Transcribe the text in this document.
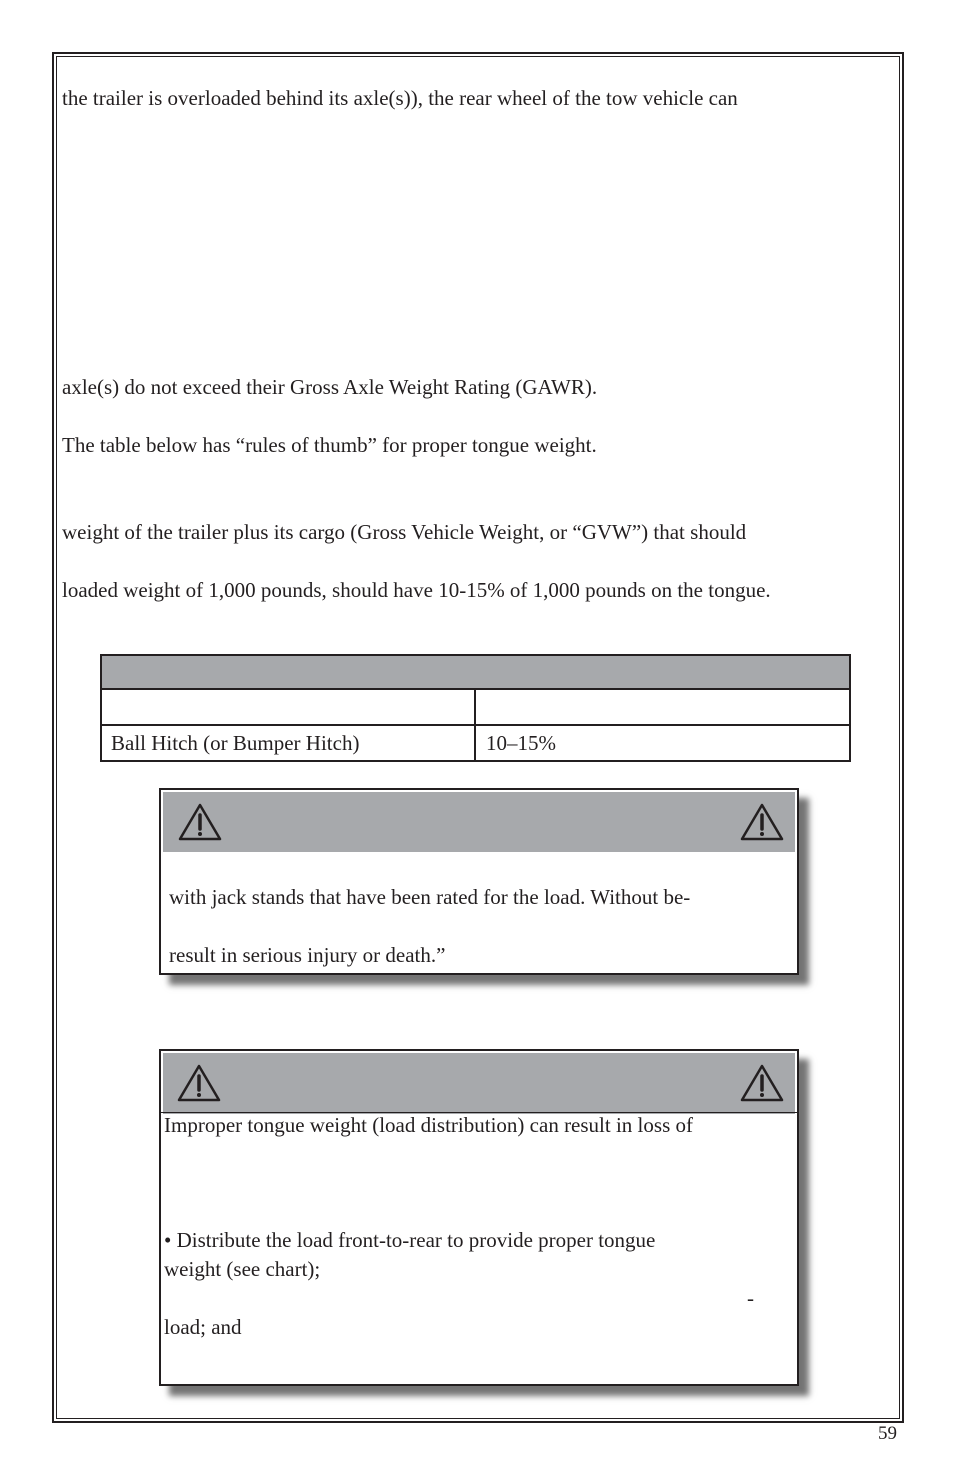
the trailer is overloaded behind its axle(s)), the rear wheel of the tow vehicle can

axle(s) do not exceed their Gross Axle Weight Rating (GAWR).

The table below has “rules of thumb” for proper tongue weight.

weight of the trailer plus its cargo (Gross Vehicle Weight, or “GVW”) that should

loaded weight of 1,000 pounds, should have 10-15% of 1,000 pounds on the tongue.

Ball Hitch (or Bumper Hitch)	10–15%

with jack stands that have been rated for the load. Without be-

result in serious injury or death.”

Improper tongue weight (load distribution) can result in loss of

• Distribute the load front-to-rear to provide proper tongue

weight (see chart);

-

load; and

59
